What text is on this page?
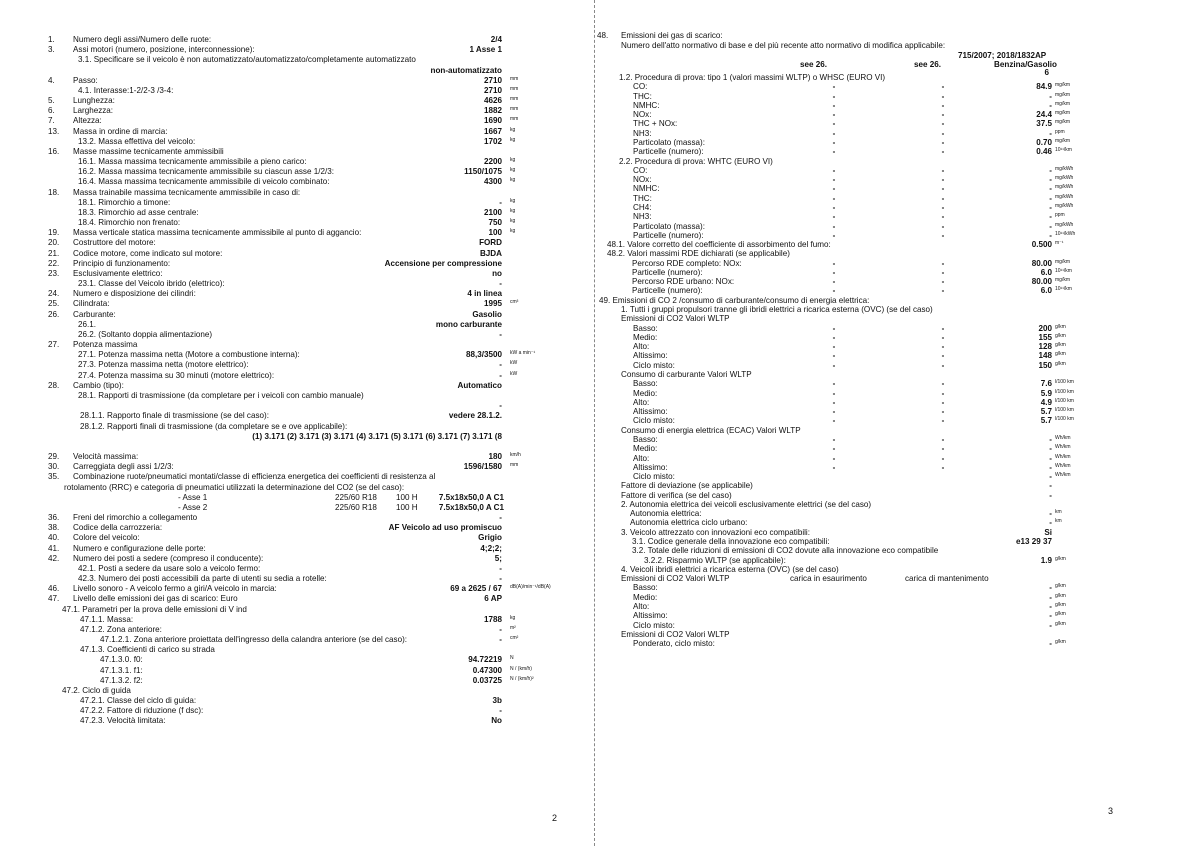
1. Numero degli assi/Numero delle ruote:	2/4
3. Assi motori (numero, posizione, interconnessione):	1 Asse 1
3.1. Specificare se il veicolo è non automatizzato/automatizzato/completamente automatizzato
non-automatizzato
4. Passo:	2710 mm
4.1. Interasse:1-2/2-3 /3-4:	2710 mm
5. Lunghezza:	4626 mm
6. Larghezza:	1882 mm
7. Altezza:	1690 mm
13. Massa in ordine di marcia:	1667 kg
13.2. Massa effettiva del veicolo:	1702 kg
16. Masse massime tecnicamente ammissibili
16.1. Massa massima tecnicamente ammissibile a pieno carico:	2200 kg
16.2. Massa massima tecnicamente ammissibile su ciascun asse 1/2/3:	1150/1075 kg
16.4. Massa massima tecnicamente ammissibile di veicolo combinato:	4300 kg
18. Massa trainabile massima tecnicamente ammissibile in caso di:
18.1. Rimorchio a timone:	- kg
18.3. Rimorchio ad asse centrale:	2100 kg
18.4. Rimorchio non frenato:	750 kg
19. Massa verticale statica massima tecnicamente ammissibile al punto di aggancio:	100 kg
20. Costruttore del motore:	FORD
21. Codice motore, come indicato sul motore:	BJDA
22. Principio di funzionamento:	Accensione per compressione
23. Esclusivamente elettrico:	no
23.1. Classe del Veicolo ibrido (elettrico):	-
24. Numero e disposizione dei cilindri:	4 in linea
25. Cilindrata:	1995 cm³
26. Carburante:	Gasolio
26.1.	mono carburante
26.2. (Soltanto doppia alimentazione)	-
27. Potenza massima
27.1. Potenza massima netta (Motore a combustione interna):	88,3/3500 kW a min⁻¹
27.3. Potenza massima netta (motore elettrico):	- kW
27.4. Potenza massima su 30 minuti (motore elettrico):	- kW
28. Cambio (tipo):	Automatico
28.1. Rapporti di trasmissione (da completare per i veicoli con cambio manuale)
-
28.1.1. Rapporto finale di trasmissione (se del caso):	vedere 28.1.2.
28.1.2. Rapporti finali di trasmissione (da completare se e ove applicabile):
(1) 3.171 (2) 3.171 (3) 3.171 (4) 3.171 (5) 3.171 (6) 3.171 (7) 3.171 (8
29. Velocità massima:	180 km/h
30. Carreggiata degli assi 1/2/3:	1596/1580 mm
35. Combinazione ruote/pneumatici montati/classe di efficienza energetica dei coefficienti di resistenza al
rotolamento (RRC) e categoria di pneumatici utilizzati la determinazione del CO2 (se del caso):
- Asse 1	225/60 R18 100 H	7.5x18x50,0 A C1
- Asse 2	225/60 R18 100 H	7.5x18x50,0 A C1
36. Freni del rimorchio a collegamento	-
38. Codice della carrozzeria:	AF Veicolo ad uso promiscuo
40. Colore del veicolo:	Grigio
41. Numero e configurazione delle porte:	4;2;2;
42. Numero dei posti a sedere (compreso il conducente):	5;
42.1. Posti a sedere da usare solo a veicolo fermo:	-
42.3. Numero dei posti accessibili da parte di utenti su sedia a rotelle:	-
46. Livello sonoro - A veicolo fermo a giri/A veicolo in marcia:	69 a 2625 / 67 dB(A)/min⁻¹/dB(A)
47. Livello delle emissioni dei gas di scarico: Euro	6 AP
47.1. Parametri per la prova delle emissioni di V ind
47.1.1. Massa:	1788 kg
47.1.2. Zona anteriore:	- m²
47.1.2.1. Zona anteriore proiettata dell'ingresso della calandra anteriore (se del caso):	- cm²
47.1.3. Coefficienti di carico su strada
47.1.3.0. f0:	94.72219 N
47.1.3.1. f1:	0.47300 N / (km/h)
47.1.3.2. f2:	0.03725 N / (km/h)²
47.2. Ciclo di guida
47.2.1. Classe del ciclo di guida:	3b
47.2.2. Fattore di riduzione (f dsc):	-
47.2.3. Velocità limitata:	No
2
48. Emissioni dei gas di scarico:
Numero dell'atto normativo di base e del più recente atto normativo di modifica applicabile:
715/2007; 2018/1832AP
see 26.	see 26.	Benzina/Gasolio
6
1.2. Procedura di prova: tipo 1 (valori massimi WLTP) o WHSC (EURO VI)
CO:	-	-	84.9 mg/km
THC:	-	-	- mg/km
NMHC:	-	-	- mg/km
NOx:	-	-	24.4 mg/km
THC + NOx:	-	-	37.5 mg/km
NH3:	-	-	- ppm
Particolato (massa):	-	-	0.70 mg/km
Particelle (numero):	-	-	0.46 10¹¹/km
2.2. Procedura di prova: WHTC (EURO VI)
CO:	-	-	- mg/kWh
NOx:	-	-	- mg/kWh
NMHC:	-	-	- mg/kWh
THC:	-	-	- mg/kWh
CH4:	-	-	- mg/kWh
NH3:	-	-	- ppm
Particolato (massa):	-	-	- mg/kWh
Particelle (numero):	-	-	- 10¹¹/kWh
48.1. Valore corretto del coefficiente di assorbimento del fumo:	0.500 m⁻¹
48.2. Valori massimi RDE dichiarati (se applicabile)
Percorso RDE completo: NOx:	-	-	80.00 mg/km
Particelle (numero):	-	-	6.0 10¹¹/km
Percorso RDE urbano: NOx:	-	-	80.00 mg/km
Particelle (numero):	-	-	6.0 10¹¹/km
49. Emissioni di CO 2 /consumo di carburante/consumo di energia elettrica:
1. Tutti i gruppi propulsori tranne gli ibridi elettrici a ricarica esterna (OVC) (se del caso)
Emissioni di CO2 Valori WLTP
Basso:	-	-	200 g/km
Medio:	-	-	155 g/km
Alto:	-	-	128 g/km
Altissimo:	-	-	148 g/km
Ciclo misto:	-	-	150 g/km
Consumo di carburante Valori WLTP
Basso:	-	-	7.6 l/100 km
Medio:	-	-	5.9 l/100 km
Alto:	-	-	4.9 l/100 km
Altissimo:	-	-	5.7 l/100 km
Ciclo misto:	-	-	5.7 l/100 km
Consumo di energia elettrica (ECAC) Valori WLTP
Basso:	-	-	- Wh/km
Medio:	-	-	- Wh/km
Alto:	-	-	- Wh/km
Altissimo:	-	-	- Wh/km
Ciclo misto:	- Wh/km
Fattore di deviazione (se applicabile)	-
Fattore di verifica (se del caso)	-
2. Autonomia elettrica dei veicoli esclusivamente elettrici (se del caso)
Autonomia elettrica:	- km
Autonomia elettrica ciclo urbano:	- km
3. Veicolo attrezzato con innovazioni eco compatibili:	Si
3.1. Codice generale della innovazione eco compatibili:	e13 29 37
3.2. Totale delle riduzioni di emissioni di CO2 dovute alla innovazione eco compatibile
3.2.2. Risparmio WLTP (se applicabile):	1.9 g/km
4. Veicoli ibridi elettrici a ricarica esterna (OVC) (se del caso)
Emissioni di CO2 Valori WLTP	carica in esaurimento	carica di mantenimento
Basso:	- g/km
Medio:	- g/km
Alto:	- g/km
Altissimo:	- g/km
Ciclo misto:	- g/km
Emissioni di CO2 Valori WLTP
Ponderato, ciclo misto:	- g/km
3
